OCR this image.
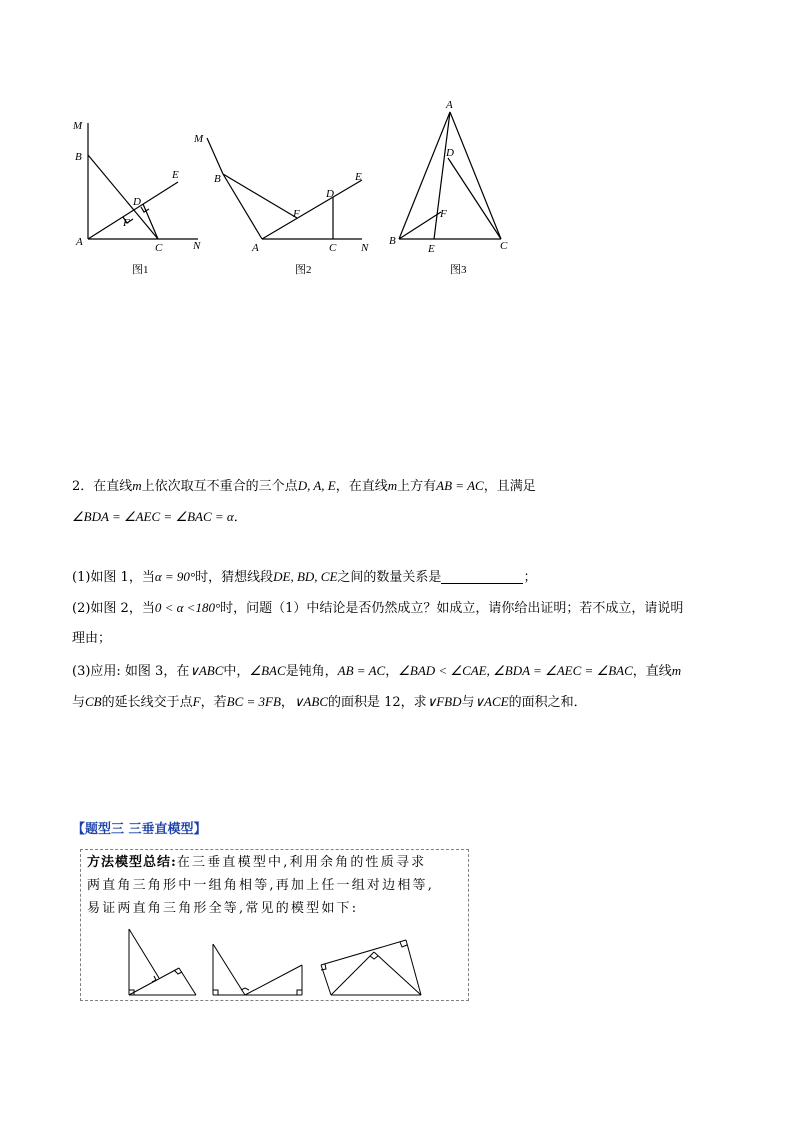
M
B
D
E
F
A	C	N
图1
M
B
D
E
F
A	C N
图2
A
D
F
B
E	C
图3
2．在直线m上依次取互不重合的三个点D, A, E，在直线m上方有AB = AC，且满足
∠BDA = ∠AEC = ∠BAC = α．
(1)如图 1，当α = 90°时，猜想线段DE, BD, CE之间的数量关系是	；
(2)如图 2，当0 < α <180°时，问题（1）中结论是否仍然成立？如成立，请你给出证明；若不成立，请说明
理由；
(3)应用: 如图 3，在∨ABC中，∠BAC是钝角，AB = AC，∠BAD < ∠CAE, ∠BDA = ∠AEC = ∠BAC，直线m
与CB的延长线交于点F，若BC = 3FB，∨ABC的面积是 12，求∨FBD与∨ACE的面积之和．
【题型三 三垂直模型】
方法模型总结:在三垂直模型中,利用余角的性质寻求
两直角三角形中一组角相等,再加上任一组对边相等,
易证两直角三角形全等,常见的模型如下:
